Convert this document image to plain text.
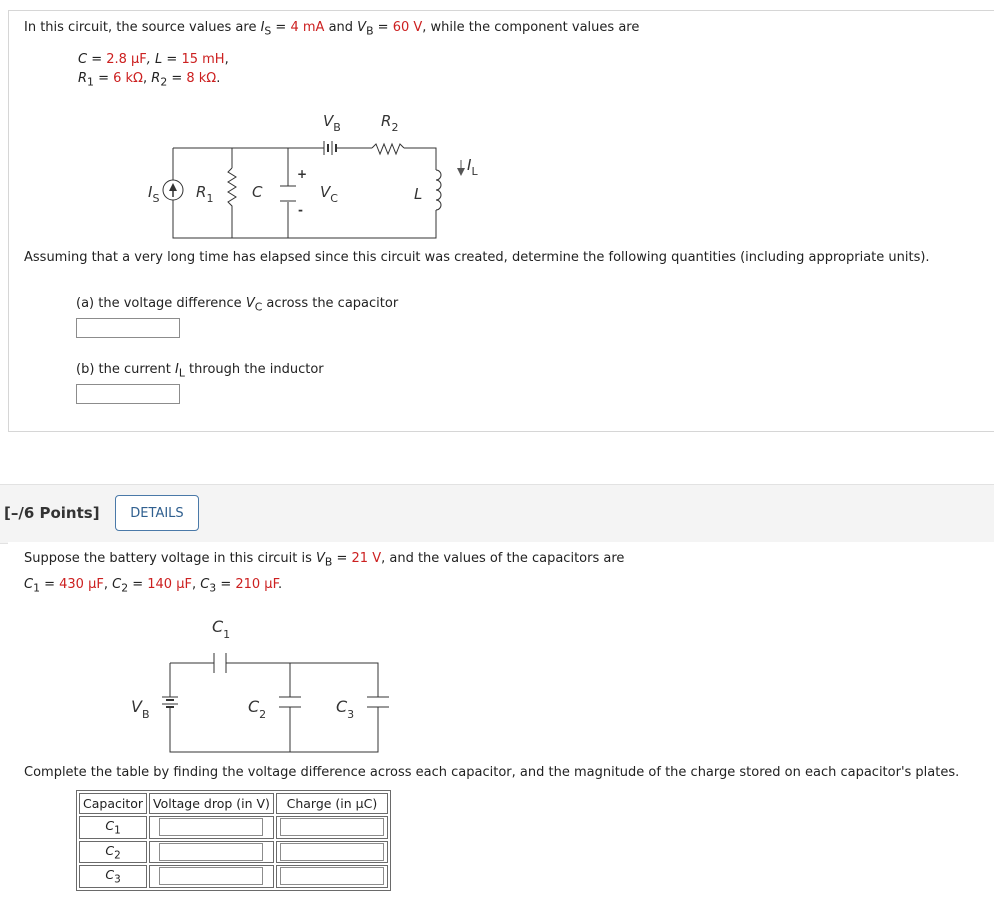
In this circuit, the source values are $I_S = 4$ mA and $V_B = 60$ V, while the component values are
C = 2.8 μF, L = 15 mH,
$R_1 = 6$ kΩ, $R_2 = 8$ kΩ.
$V_B$	$R_2$
$I_L$
$I_S$ $R_1$	C
+
-
$V_C$	L
Assuming that a very long time has elapsed since this circuit was created, determine the following quantities (including appropriate units).
(a) the voltage difference $V_C$ across the capacitor
(b) the current $I_L$ through the inductor
[–/6 Points]	DETAILS
Suppose the battery voltage in this circuit is $V_B = 21$ V, and the values of the capacitors are
$C_1 = 430$ μF, $C_2 = 140$ μF, $C_3 = 210$ μF.
$C_1$
$V_B$	$C_2$	$C_3$
Complete the table by finding the voltage difference across each capacitor, and the magnitude of the charge stored on each capacitor's plates.
Capacitor	Voltage drop (in V)	Charge (in μC)
$C_1$	

$C_2$	

$C_3$	
